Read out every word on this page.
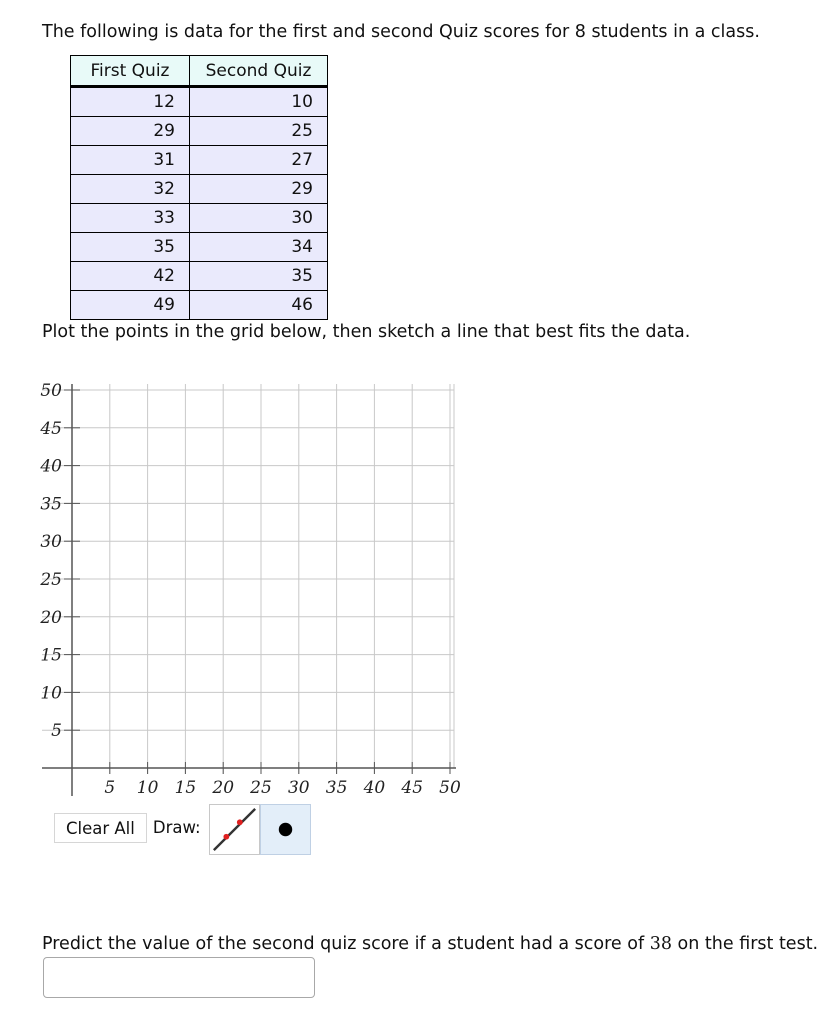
The following is data for the first and second Quiz scores for 8 students in a class.
First Quiz	Second Quiz
12	10
29	25
31	27
32	29
33	30
35	34
42	35
49	46
Plot the points in the grid below, then sketch a line that best fits the data.
5 10 15 20 25 30 35 40 45 50
50
45
40
35
30
25
20
15
10
5
Clear All	Draw:
Predict the value of the second quiz score if a student had a score of 38 on the first test.
